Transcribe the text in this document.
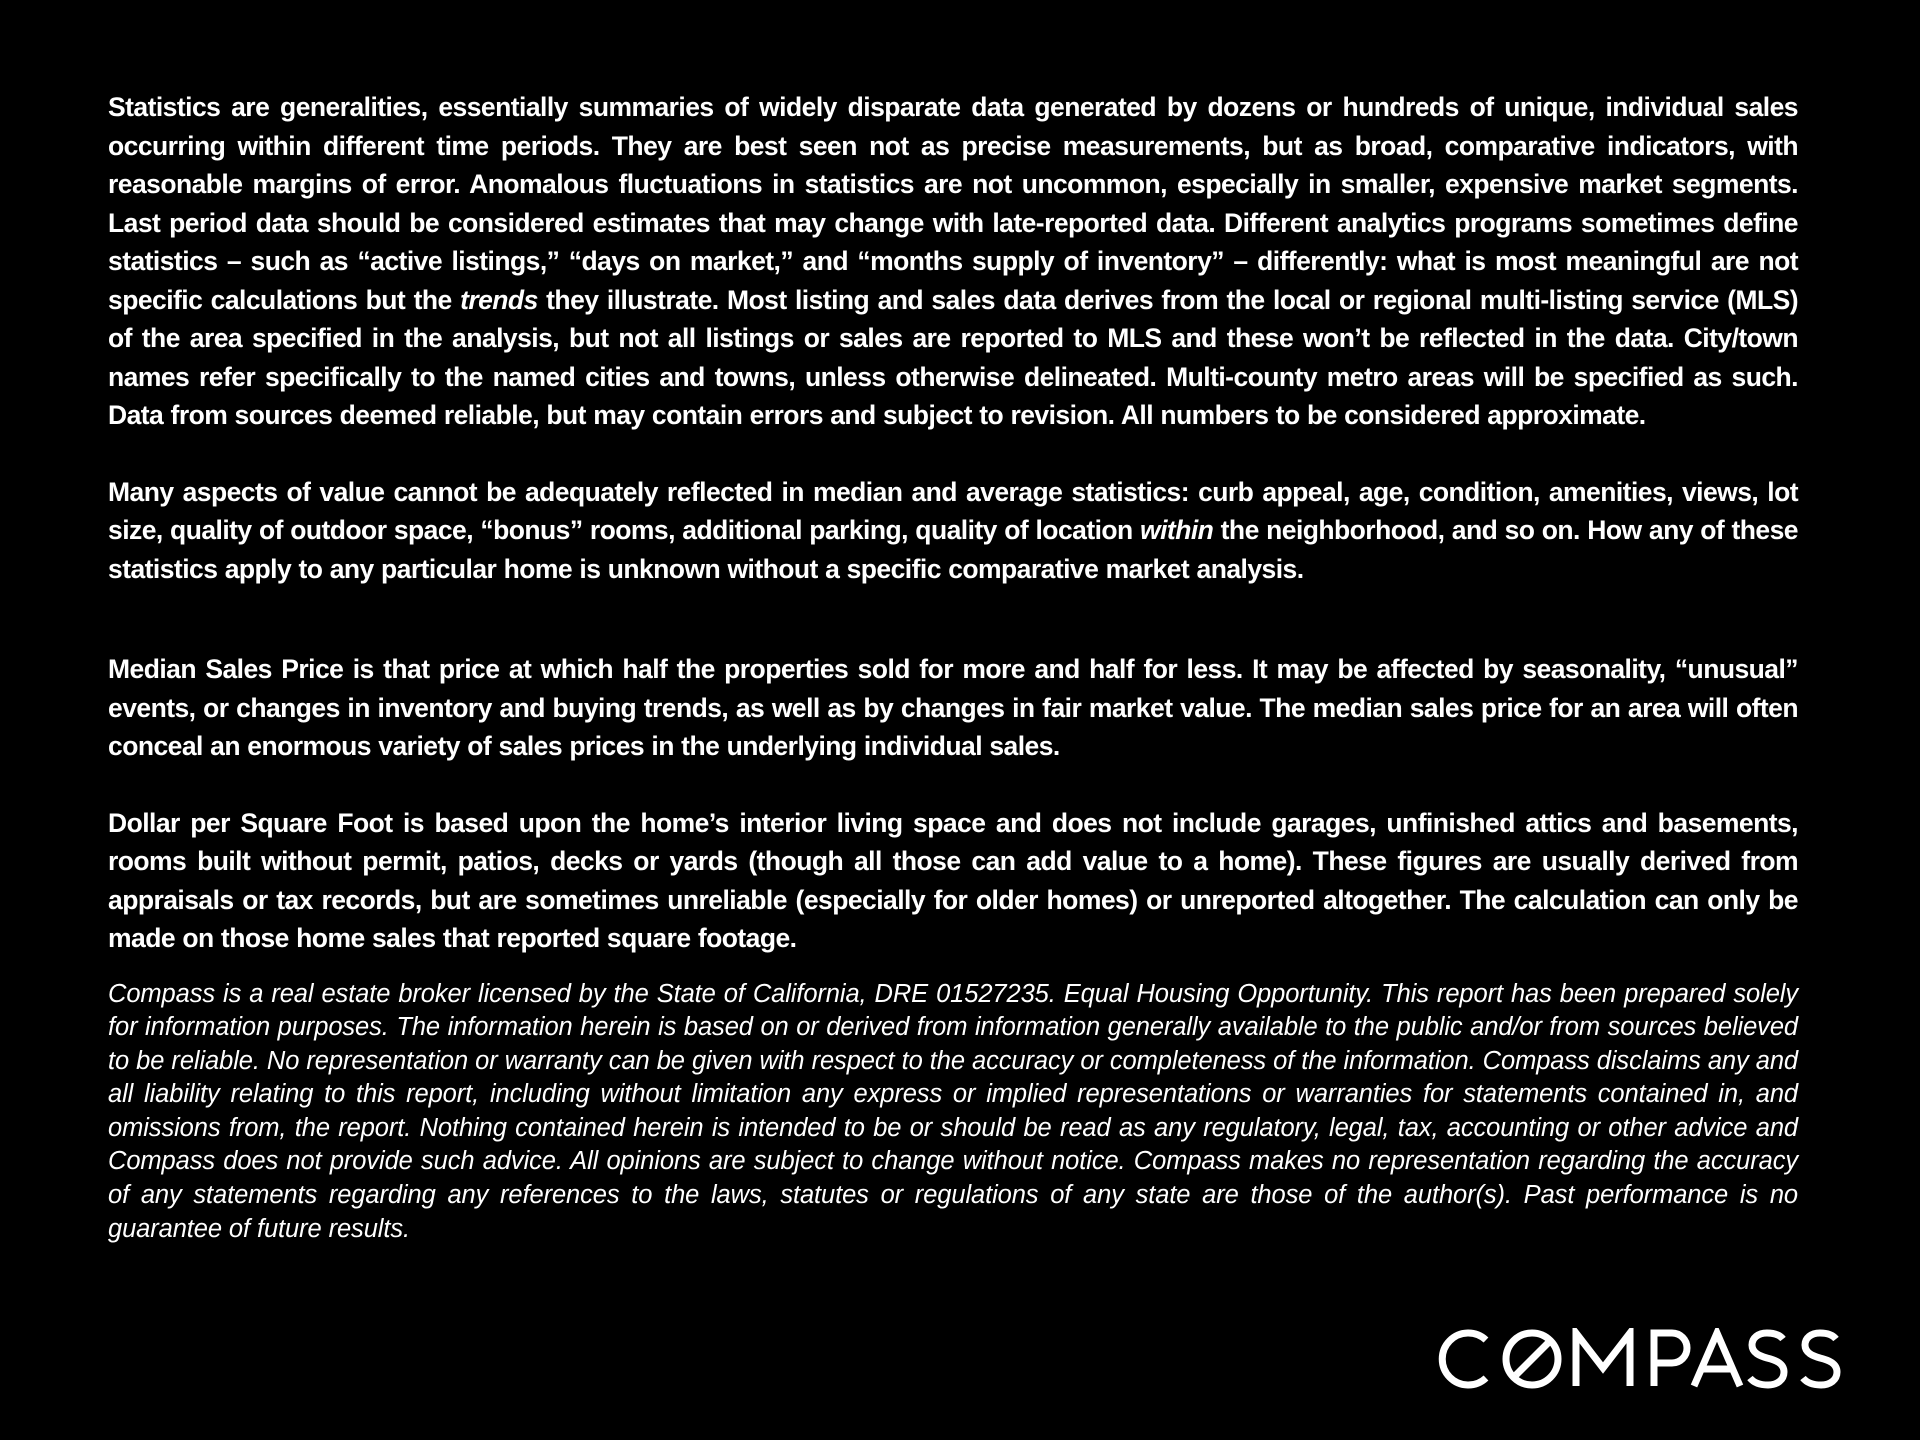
Statistics are generalities, essentially summaries of widely disparate data generated by dozens or hundreds of unique, individual sales occurring within different time periods. They are best seen not as precise measurements, but as broad, comparative indicators, with reasonable margins of error. Anomalous fluctuations in statistics are not uncommon, especially in smaller, expensive market segments. Last period data should be considered estimates that may change with late-reported data. Different analytics programs sometimes define statistics – such as “active listings,” “days on market,” and “months supply of inventory” – differently: what is most meaningful are not specific calculations but the trends they illustrate. Most listing and sales data derives from the local or regional multi-listing service (MLS) of the area specified in the analysis, but not all listings or sales are reported to MLS and these won’t be reflected in the data. City/town names refer specifically to the named cities and towns, unless otherwise delineated. Multi-county metro areas will be specified as such. Data from sources deemed reliable, but may contain errors and subject to revision. All numbers to be considered approximate.

Many aspects of value cannot be adequately reflected in median and average statistics: curb appeal, age, condition, amenities, views, lot size, quality of outdoor space, “bonus” rooms, additional parking, quality of location within the neighborhood, and so on. How any of these statistics apply to any particular home is unknown without a specific comparative market analysis.

Median Sales Price is that price at which half the properties sold for more and half for less. It may be affected by seasonality, “unusual” events, or changes in inventory and buying trends, as well as by changes in fair market value. The median sales price for an area will often conceal an enormous variety of sales prices in the underlying individual sales.

Dollar per Square Foot is based upon the home’s interior living space and does not include garages, unfinished attics and basements, rooms built without permit, patios, decks or yards (though all those can add value to a home). These figures are usually derived from appraisals or tax records, but are sometimes unreliable (especially for older homes) or unreported altogether. The calculation can only be made on those home sales that reported square footage.

Compass is a real estate broker licensed by the State of California, DRE 01527235. Equal Housing Opportunity. This report has been prepared solely for information purposes. The information herein is based on or derived from information generally available to the public and/or from sources believed to be reliable. No representation or warranty can be given with respect to the accuracy or completeness of the information. Compass disclaims any and all liability relating to this report, including without limitation any express or implied representations or warranties for statements contained in, and omissions from, the report. Nothing contained herein is intended to be or should be read as any regulatory, legal, tax, accounting or other advice and Compass does not provide such advice. All opinions are subject to change without notice. Compass makes no representation regarding the accuracy of any statements regarding any references to the laws, statutes or regulations of any state are those of the author(s). Past performance is no guarantee of future results.
